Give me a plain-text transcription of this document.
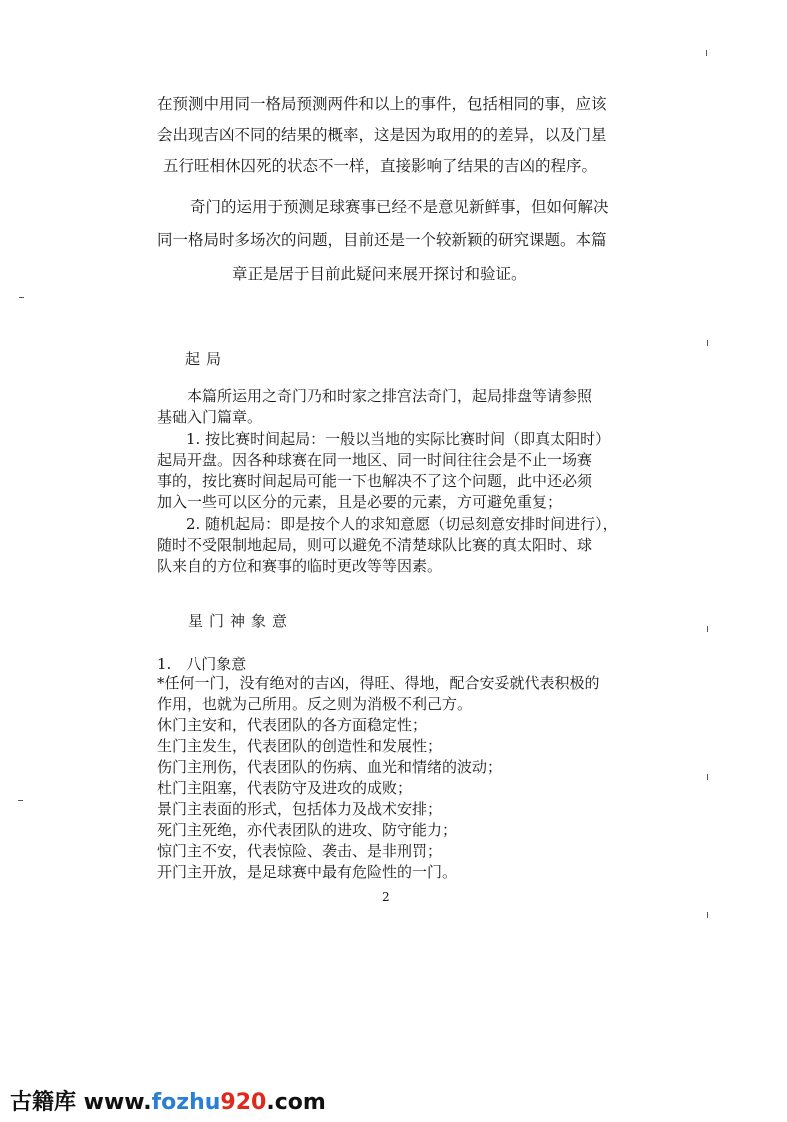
在预测中用同一格局预测两件和以上的事件，包括相同的事，应该
会出现吉凶不同的结果的概率，这是因为取用的的差异，以及门星
五行旺相休囚死的状态不一样，直接影响了结果的吉凶的程序。
奇门的运用于预测足球赛事已经不是意见新鲜事，但如何解决
同一格局时多场次的问题，目前还是一个较新颖的研究课题。本篇
章正是居于目前此疑问来展开探讨和验证。
起局
本篇所运用之奇门乃和时家之排宫法奇门，起局排盘等请参照
基础入门篇章。
1. 按比赛时间起局：一般以当地的实际比赛时间（即真太阳时）
起局开盘。因各种球赛在同一地区、同一时间往往会是不止一场赛
事的，按比赛时间起局可能一下也解决不了这个问题，此中还必须
加入一些可以区分的元素，且是必要的元素，方可避免重复；
2. 随机起局：即是按个人的求知意愿（切忌刻意安排时间进行），
随时不受限制地起局，则可以避免不清楚球队比赛的真太阳时、球
队来自的方位和赛事的临时更改等等因素。
星门神象意
1.　八门象意
*任何一门，没有绝对的吉凶，得旺、得地，配合安妥就代表积极的
作用，也就为己所用。反之则为消极不利己方。
休门主安和，代表团队的各方面稳定性；
生门主发生，代表团队的创造性和发展性；
伤门主刑伤，代表团队的伤病、血光和情绪的波动；
杜门主阻塞，代表防守及进攻的成败；
景门主表面的形式，包括体力及战术安排；
死门主死绝，亦代表团队的进攻、防守能力；
惊门主不安，代表惊险、袭击、是非刑罚；
开门主开放，是足球赛中最有危险性的一门。
2
古籍库 www.fozhu920.com
